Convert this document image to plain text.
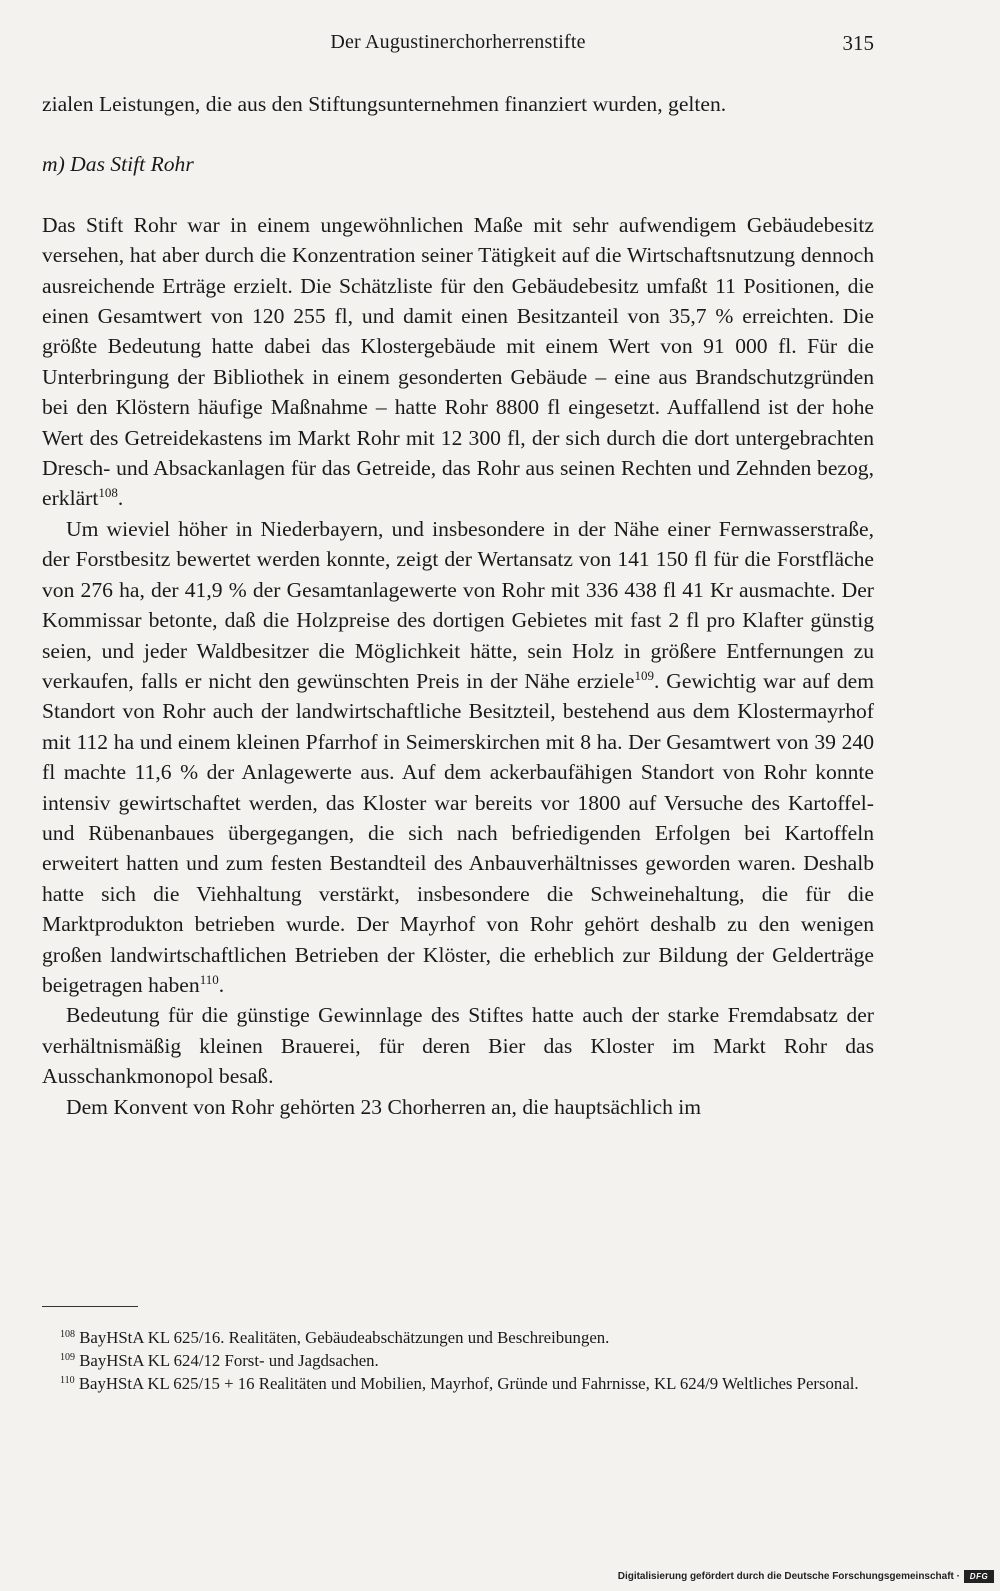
Der Augustinerchorherrenstifte	315

zialen Leistungen, die aus den Stiftungsunternehmen finanziert wurden, gelten.

m) Das Stift Rohr

Das Stift Rohr war in einem ungewöhnlichen Maße mit sehr aufwendigem Gebäudebesitz versehen, hat aber durch die Konzentration seiner Tätigkeit auf die Wirtschaftsnutzung dennoch ausreichende Erträge erzielt. Die Schätzliste für den Gebäudebesitz umfaßt 11 Positionen, die einen Gesamtwert von 120 255 fl, und damit einen Besitzanteil von 35,7 % erreichten. Die größte Bedeutung hatte dabei das Klostergebäude mit einem Wert von 91 000 fl. Für die Unterbringung der Bibliothek in einem gesonderten Gebäude – eine aus Brandschutzgründen bei den Klöstern häufige Maßnahme – hatte Rohr 8800 fl eingesetzt. Auffallend ist der hohe Wert des Getreidekastens im Markt Rohr mit 12 300 fl, der sich durch die dort untergebrachten Dresch- und Absackanlagen für das Getreide, das Rohr aus seinen Rechten und Zehnden bezog, erklärt$^{108}$.

Um wieviel höher in Niederbayern, und insbesondere in der Nähe einer Fernwasserstraße, der Forstbesitz bewertet werden konnte, zeigt der Wertansatz von 141 150 fl für die Forstfläche von 276 ha, der 41,9 % der Gesamtanlagewerte von Rohr mit 336 438 fl 41 Kr ausmachte. Der Kommissar betonte, daß die Holzpreise des dortigen Gebietes mit fast 2 fl pro Klafter günstig seien, und jeder Waldbesitzer die Möglichkeit hätte, sein Holz in größere Entfernungen zu verkaufen, falls er nicht den gewünschten Preis in der Nähe erziele$^{109}$. Gewichtig war auf dem Standort von Rohr auch der landwirtschaftliche Besitzteil, bestehend aus dem Klostermayrhof mit 112 ha und einem kleinen Pfarrhof in Seimerskirchen mit 8 ha. Der Gesamtwert von 39 240 fl machte 11,6 % der Anlagewerte aus. Auf dem ackerbaufähigen Standort von Rohr konnte intensiv gewirtschaftet werden, das Kloster war bereits vor 1800 auf Versuche des Kartoffel- und Rübenanbaues übergegangen, die sich nach befriedigenden Erfolgen bei Kartoffeln erweitert hatten und zum festen Bestandteil des Anbauverhältnisses geworden waren. Deshalb hatte sich die Viehhaltung verstärkt, insbesondere die Schweinehaltung, die für die Marktprodukton betrieben wurde. Der Mayrhof von Rohr gehört deshalb zu den wenigen großen landwirtschaftlichen Betrieben der Klöster, die erheblich zur Bildung der Gelderträge beigetragen haben$^{110}$.

Bedeutung für die günstige Gewinnlage des Stiftes hatte auch der starke Fremdabsatz der verhältnismäßig kleinen Brauerei, für deren Bier das Kloster im Markt Rohr das Ausschankmonopol besaß.

Dem Konvent von Rohr gehörten 23 Chorherren an, die hauptsächlich im

$^{108}$ BayHStA KL 625/16. Realitäten, Gebäudeabschätzungen und Beschreibungen.

$^{109}$ BayHStA KL 624/12 Forst- und Jagdsachen.

$^{110}$ BayHStA KL 625/15 + 16 Realitäten und Mobilien, Mayrhof, Gründe und Fahrnisse, KL 624/9 Weltliches Personal.

Digitalisierung gefördert durch die Deutsche Forschungsgemeinschaft ·	DFG
